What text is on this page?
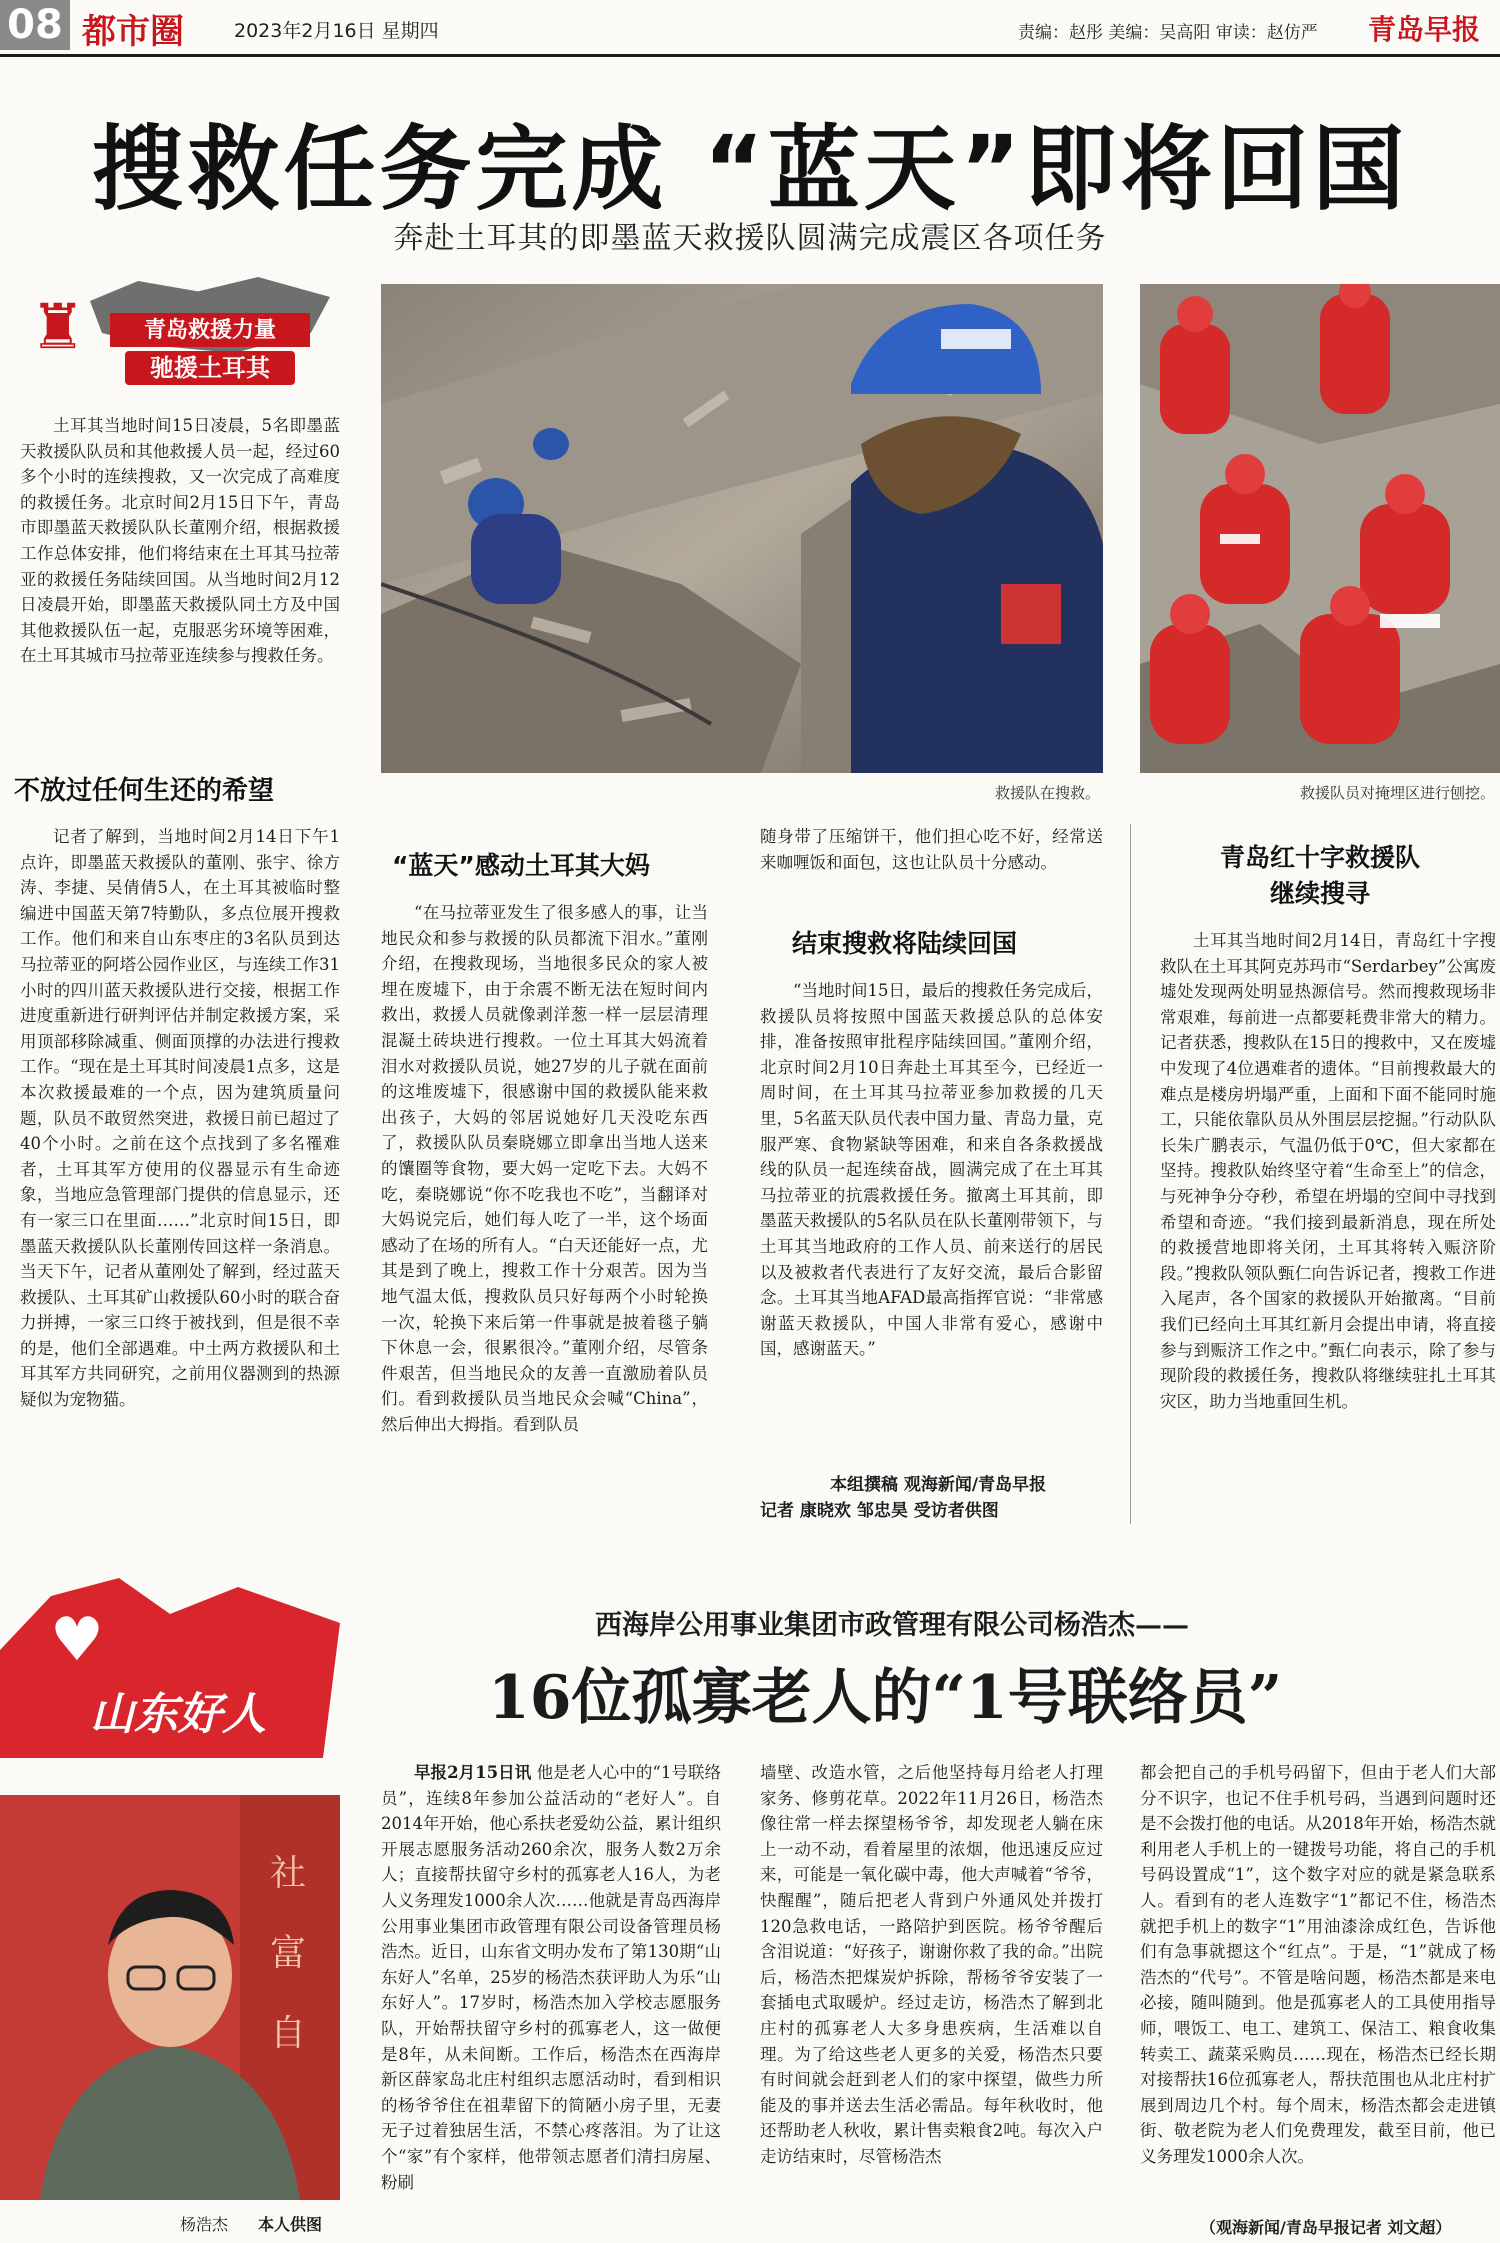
08 都市圈	2023年2月16日 星期四	责编：赵彤 美编：吴高阳 审读：赵仿严 青岛早报
搜救任务完成 “蓝天”即将回国
奔赴土耳其的即墨蓝天救援队圆满完成震区各项任务
♜	青岛救援力量
驰援土耳其
土耳其当地时间15日凌晨，5名即墨蓝天救援队队员和其他救援人员一起，经过60多个小时的连续搜救，又一次完成了高难度的救援任务。北京时间2月15日下午，青岛市即墨蓝天救援队队长董刚介绍，根据救援工作总体安排，他们将结束在土耳其马拉蒂亚的救援任务陆续回国。从当地时间2月12日凌晨开始，即墨蓝天救援队同土方及中国其他救援队伍一起，克服恶劣环境等困难，在土耳其城市马拉蒂亚连续参与搜救任务。
救援队在搜救。	救援队员对掩埋区进行刨挖。
不放过任何生还的希望
记者了解到，当地时间2月14日下午1点许，即墨蓝天救援队的董刚、张宇、徐方涛、李捷、吴倩倩5人，在土耳其被临时整编进中国蓝天第7特勤队，多点位展开搜救工作。他们和来自山东枣庄的3名队员到达马拉蒂亚的阿塔公园作业区，与连续工作31小时的四川蓝天救援队进行交接，根据工作进度重新进行研判评估并制定救援方案，采用顶部移除减重、侧面顶撑的办法进行搜救工作。“现在是土耳其时间凌晨1点多，这是本次救援最难的一个点，因为建筑质量问题，队员不敢贸然突进，救援日前已超过了40个小时。之前在这个点找到了多名罹难者，土耳其军方使用的仪器显示有生命迹象，当地应急管理部门提供的信息显示，还有一家三口在里面……”北京时间15日，即墨蓝天救援队队长董刚传回这样一条消息。当天下午，记者从董刚处了解到，经过蓝天救援队、土耳其矿山救援队60小时的联合奋力拼搏，一家三口终于被找到，但是很不幸的是，他们全部遇难。中土两方救援队和土耳其军方共同研究，之前用仪器测到的热源疑似为宠物猫。
“蓝天”感动土耳其大妈
“在马拉蒂亚发生了很多感人的事，让当地民众和参与救援的队员都流下泪水。”董刚介绍，在搜救现场，当地很多民众的家人被埋在废墟下，由于余震不断无法在短时间内救出，救援人员就像剥洋葱一样一层层清理混凝土砖块进行搜救。一位土耳其大妈流着泪水对救援队员说，她27岁的儿子就在面前的这堆废墟下，很感谢中国的救援队能来救出孩子，大妈的邻居说她好几天没吃东西了，救援队队员秦晓娜立即拿出当地人送来的馕圈等食物，要大妈一定吃下去。大妈不吃，秦晓娜说“你不吃我也不吃”，当翻译对大妈说完后，她们每人吃了一半，这个场面感动了在场的所有人。“白天还能好一点，尤其是到了晚上，搜救工作十分艰苦。因为当地气温太低，搜救队员只好每两个小时轮换一次，轮换下来后第一件事就是披着毯子躺下休息一会，很累很冷。”董刚介绍，尽管条件艰苦，但当地民众的友善一直激励着队员们。看到救援队员当地民众会喊“China”，然后伸出大拇指。看到队员
随身带了压缩饼干，他们担心吃不好，经常送来咖喱饭和面包，这也让队员十分感动。
结束搜救将陆续回国
“当地时间15日，最后的搜救任务完成后，救援队员将按照中国蓝天救援总队的总体安排，准备按照审批程序陆续回国。”董刚介绍，北京时间2月10日奔赴土耳其至今，已经近一周时间，在土耳其马拉蒂亚参加救援的几天里，5名蓝天队员代表中国力量、青岛力量，克服严寒、食物紧缺等困难，和来自各条救援战线的队员一起连续奋战，圆满完成了在土耳其马拉蒂亚的抗震救援任务。撤离土耳其前，即墨蓝天救援队的5名队员在队长董刚带领下，与土耳其当地政府的工作人员、前来送行的居民以及被救者代表进行了友好交流，最后合影留念。土耳其当地AFAD最高指挥官说：“非常感谢蓝天救援队，中国人非常有爱心，感谢中国，感谢蓝天。”
本组撰稿 观海新闻/青岛早报
记者 康晓欢 邹忠昊 受访者供图
青岛红十字救援队
继续搜寻
土耳其当地时间2月14日，青岛红十字搜救队在土耳其阿克苏玛市“Serdarbey”公寓废墟处发现两处明显热源信号。然而搜救现场非常艰难，每前进一点都要耗费非常大的精力。记者获悉，搜救队在15日的搜救中，又在废墟中发现了4位遇难者的遗体。“目前搜救最大的难点是楼房坍塌严重，上面和下面不能同时施工，只能依靠队员从外围层层挖掘。”行动队队长朱广鹏表示，气温仍低于0℃，但大家都在坚持。搜救队始终坚守着“生命至上”的信念，与死神争分夺秒，希望在坍塌的空间中寻找到希望和奇迹。“我们接到最新消息，现在所处的救援营地即将关闭，土耳其将转入赈济阶段。”搜救队领队甄仁向告诉记者，搜救工作进入尾声，各个国家的救援队开始撤离。“目前我们已经向土耳其红新月会提出申请，将直接参与到赈济工作之中。”甄仁向表示，除了参与现阶段的救援任务，搜救队将继续驻扎土耳其灾区，助力当地重回生机。
♥
山东好人
西海岸公用事业集团市政管理有限公司杨浩杰——
16位孤寡老人的“1号联络员”
社
富
自
杨浩杰 本人供图
早报2月15日讯 他是老人心中的“1号联络员”，连续8年参加公益活动的“老好人”。自2014年开始，他心系扶老爱幼公益，累计组织开展志愿服务活动260余次，服务人数2万余人；直接帮扶留守乡村的孤寡老人16人，为老人义务理发1000余人次……他就是青岛西海岸公用事业集团市政管理有限公司设备管理员杨浩杰。近日，山东省文明办发布了第130期“山东好人”名单，25岁的杨浩杰获评助人为乐“山东好人”。17岁时，杨浩杰加入学校志愿服务队，开始帮扶留守乡村的孤寡老人，这一做便是8年，从未间断。工作后，杨浩杰在西海岸新区薛家岛北庄村组织志愿活动时，看到相识的杨爷爷住在祖辈留下的简陋小房子里，无妻无子过着独居生活，不禁心疼落泪。为了让这个“家”有个家样，他带领志愿者们清扫房屋、粉刷
墙壁、改造水管，之后他坚持每月给老人打理家务、修剪花草。2022年11月26日，杨浩杰像往常一样去探望杨爷爷，却发现老人躺在床上一动不动，看着屋里的浓烟，他迅速反应过来，可能是一氧化碳中毒，他大声喊着“爷爷，快醒醒”，随后把老人背到户外通风处并拨打120急救电话，一路陪护到医院。杨爷爷醒后含泪说道：“好孩子，谢谢你救了我的命。”出院后，杨浩杰把煤炭炉拆除，帮杨爷爷安装了一套插电式取暖炉。经过走访，杨浩杰了解到北庄村的孤寡老人大多身患疾病，生活难以自理。为了给这些老人更多的关爱，杨浩杰只要有时间就会赶到老人们的家中探望，做些力所能及的事并送去生活必需品。每年秋收时，他还帮助老人秋收，累计售卖粮食2吨。每次入户走访结束时，尽管杨浩杰
都会把自己的手机号码留下，但由于老人们大部分不识字，也记不住手机号码，当遇到问题时还是不会拨打他的电话。从2018年开始，杨浩杰就利用老人手机上的一键拨号功能，将自己的手机号码设置成“1”，这个数字对应的就是紧急联系人。看到有的老人连数字“1”都记不住，杨浩杰就把手机上的数字“1”用油漆涂成红色，告诉他们有急事就摁这个“红点”。于是，“1”就成了杨浩杰的“代号”。不管是啥问题，杨浩杰都是来电必接，随叫随到。他是孤寡老人的工具使用指导师，喂饭工、电工、建筑工、保洁工、粮食收集转卖工、蔬菜采购员……现在，杨浩杰已经长期对接帮扶16位孤寡老人，帮扶范围也从北庄村扩展到周边几个村。每个周末，杨浩杰都会走进镇街、敬老院为老人们免费理发，截至目前，他已义务理发1000余人次。
（观海新闻/青岛早报记者 刘文超）
